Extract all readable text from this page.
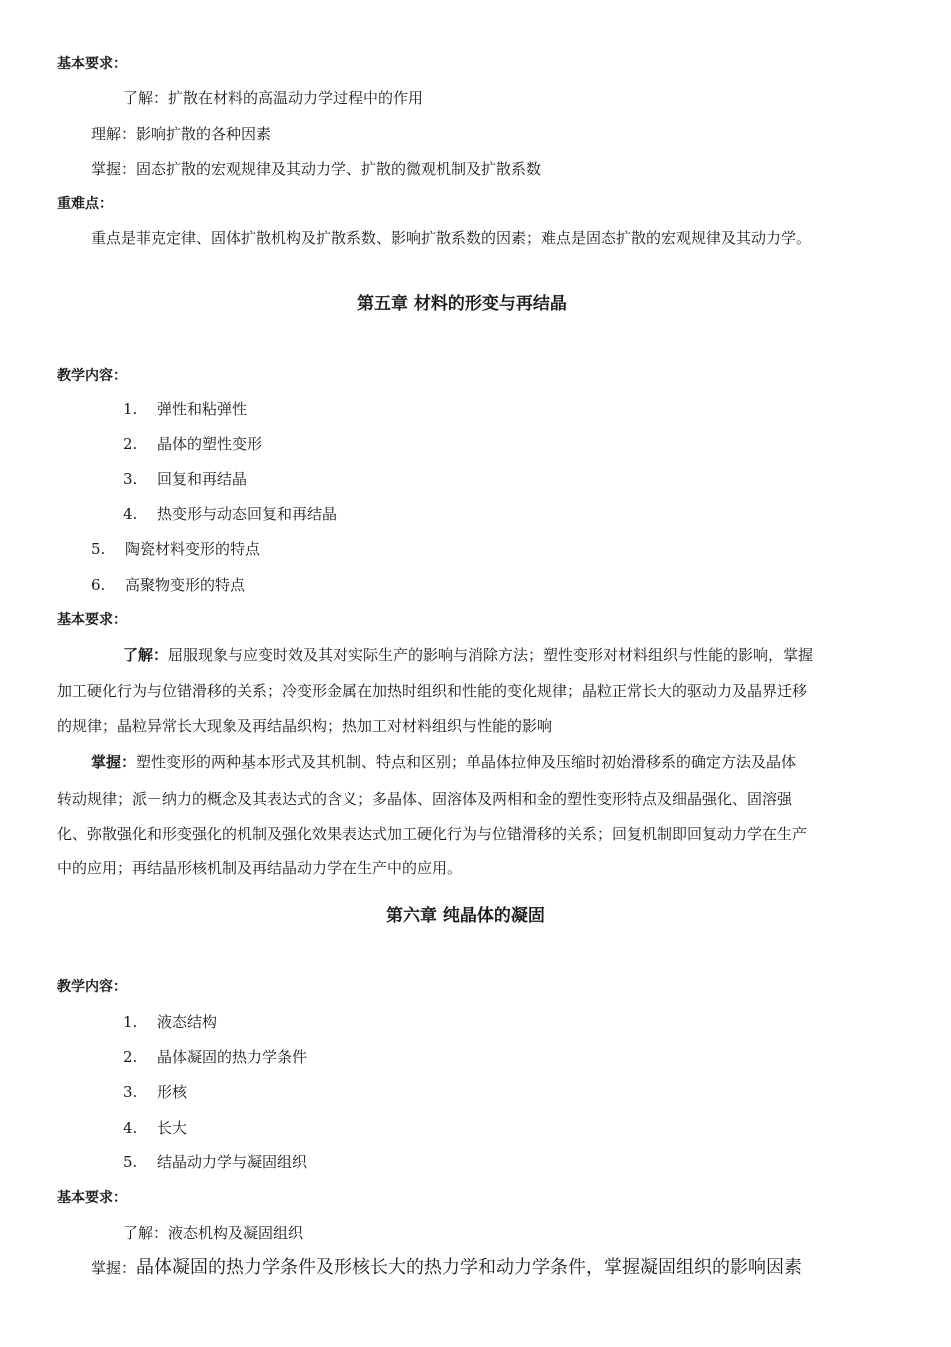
基本要求：
了解：扩散在材料的高温动力学过程中的作用
理解：影响扩散的各种因素
掌握：固态扩散的宏观规律及其动力学、扩散的微观机制及扩散系数
重难点：
重点是菲克定律、固体扩散机构及扩散系数、影响扩散系数的因素；难点是固态扩散的宏观规律及其动力学。
第五章 材料的形变与再结晶
教学内容：
1. 弹性和粘弹性
2. 晶体的塑性变形
3. 回复和再结晶
4. 热变形与动态回复和再结晶
5. 陶瓷材料变形的特点
6. 高聚物变形的特点
基本要求：
了解：屈服现象与应变时效及其对实际生产的影响与消除方法；塑性变形对材料组织与性能的影响，掌握
加工硬化行为与位错滑移的关系；冷变形金属在加热时组织和性能的变化规律；晶粒正常长大的驱动力及晶界迁移
的规律；晶粒异常长大现象及再结晶织构；热加工对材料组织与性能的影响
掌握：塑性变形的两种基本形式及其机制、特点和区别；单晶体拉伸及压缩时初始滑移系的确定方法及晶体
转动规律；派－纳力的概念及其表达式的含义；多晶体、固溶体及两相和金的塑性变形特点及细晶强化、固溶强
化、弥散强化和形变强化的机制及强化效果表达式加工硬化行为与位错滑移的关系；回复机制即回复动力学在生产
中的应用；再结晶形核机制及再结晶动力学在生产中的应用。
第六章 纯晶体的凝固
教学内容：
1. 液态结构
2. 晶体凝固的热力学条件
3. 形核
4. 长大
5. 结晶动力学与凝固组织
基本要求：
了解：液态机构及凝固组织
掌握：晶体凝固的热力学条件及形核长大的热力学和动力学条件，掌握凝固组织的影响因素
